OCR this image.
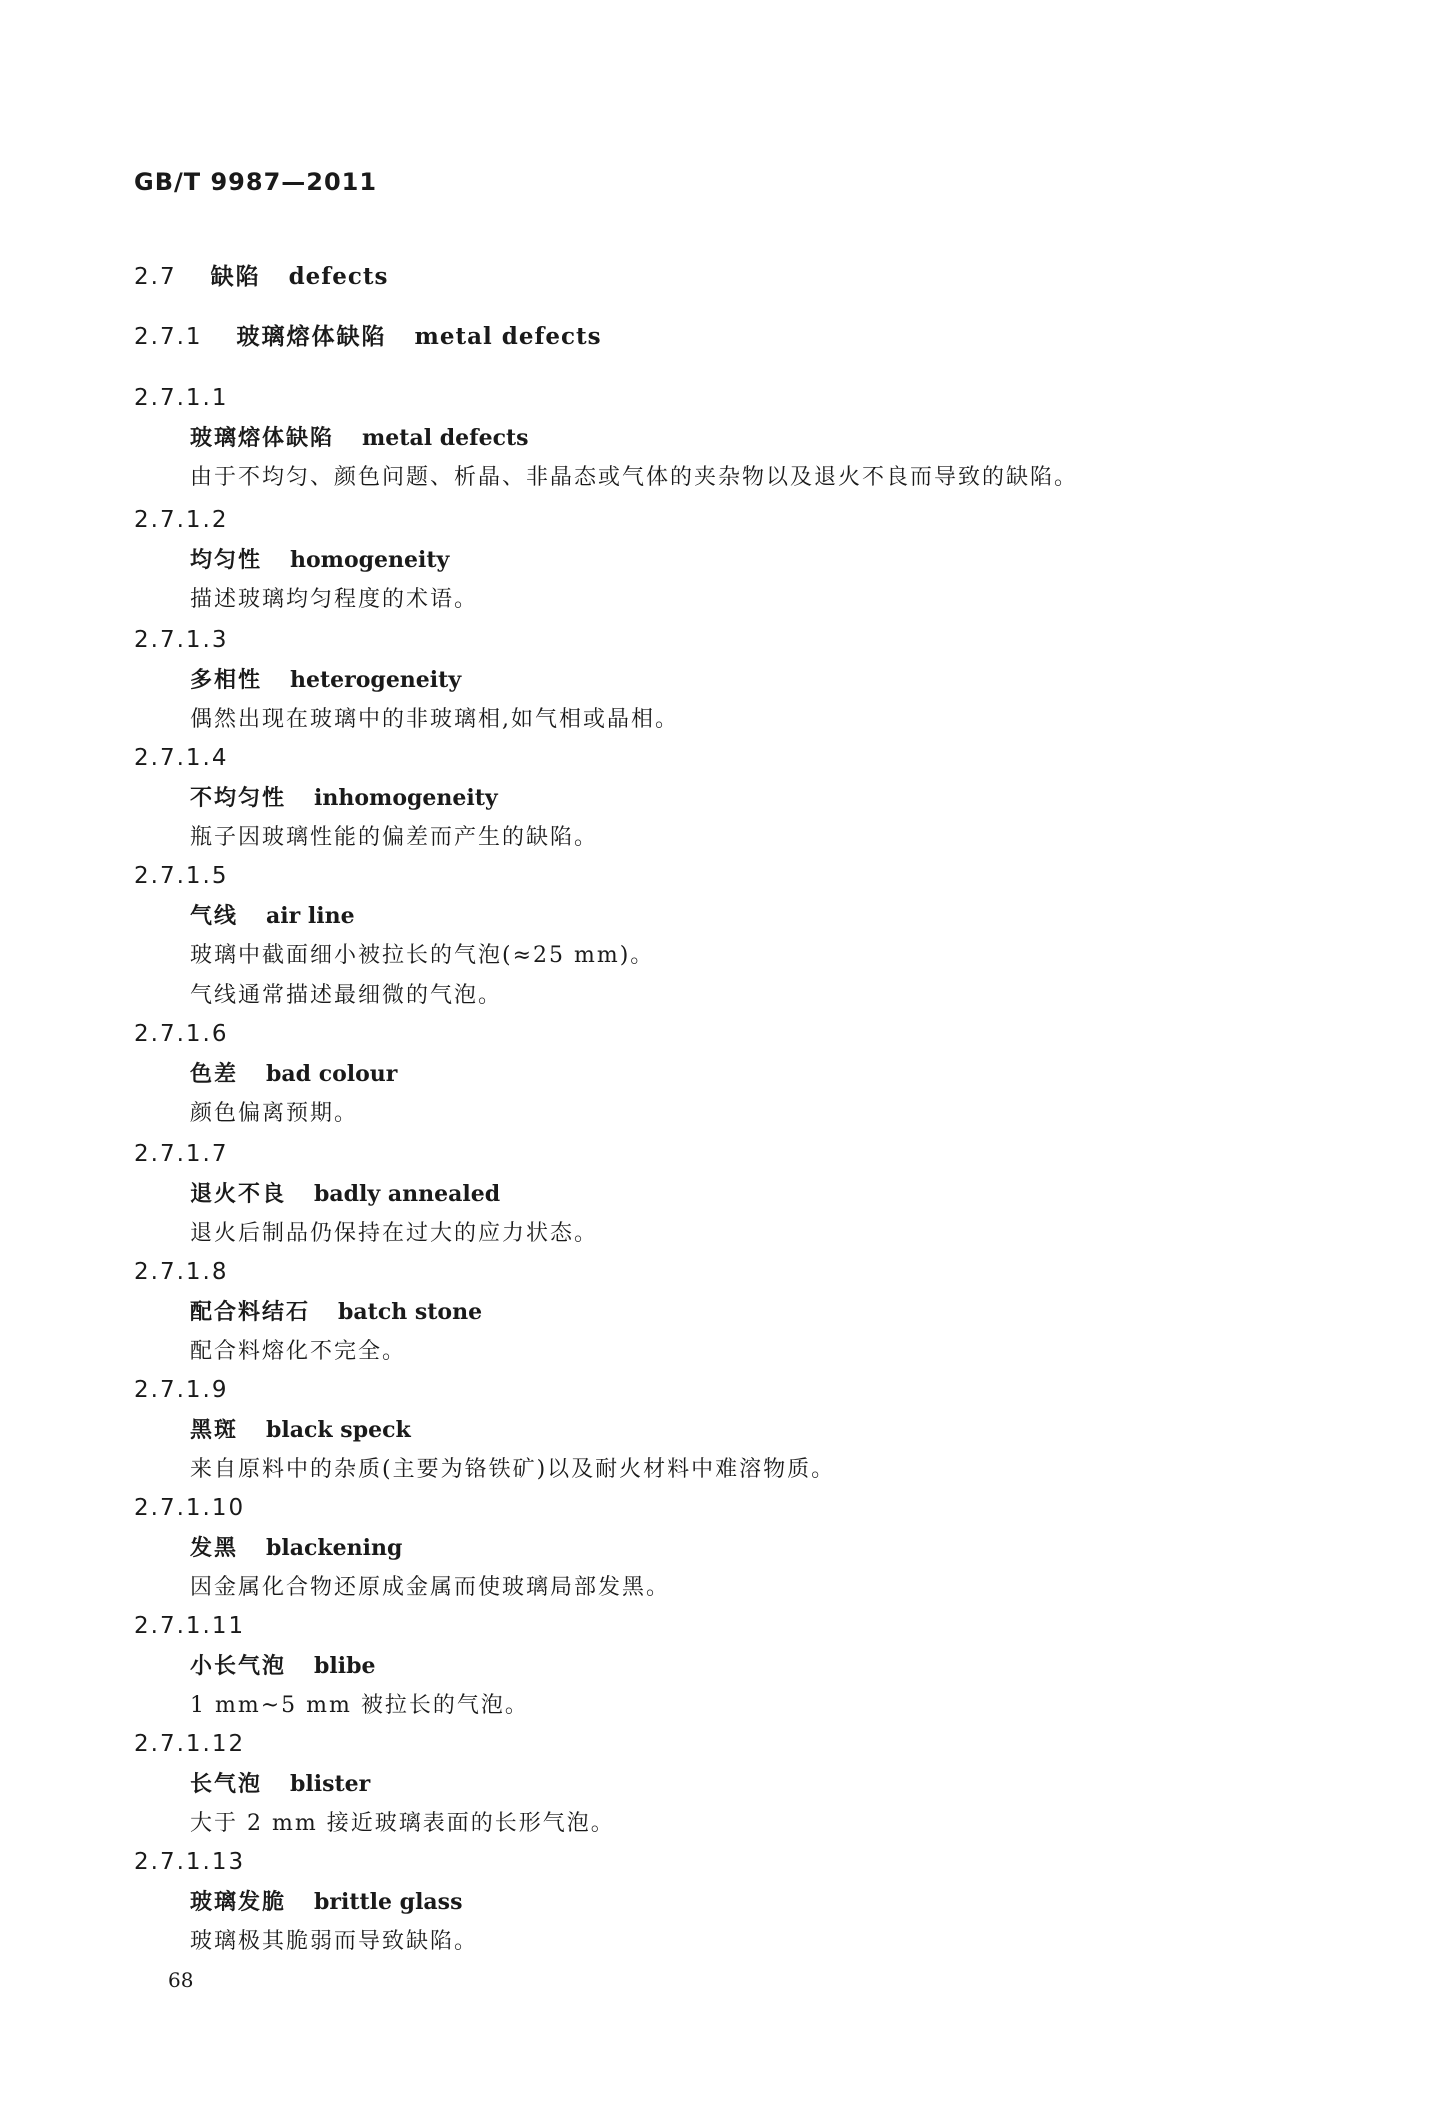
GB/T 9987—2011
2.7 缺陷 defects
2.7.1 玻璃熔体缺陷 metal defects
2.7.1.1
玻璃熔体缺陷 metal defects
由于不均匀、颜色问题、析晶、非晶态或气体的夹杂物以及退火不良而导致的缺陷。
2.7.1.2
均匀性 homogeneity
描述玻璃均匀程度的术语。
2.7.1.3
多相性 heterogeneity
偶然出现在玻璃中的非玻璃相,如气相或晶相。
2.7.1.4
不均匀性 inhomogeneity
瓶子因玻璃性能的偏差而产生的缺陷。
2.7.1.5
气线 air line
玻璃中截面细小被拉长的气泡(≈25 mm)。
气线通常描述最细微的气泡。
2.7.1.6
色差 bad colour
颜色偏离预期。
2.7.1.7
退火不良 badly annealed
退火后制品仍保持在过大的应力状态。
2.7.1.8
配合料结石 batch stone
配合料熔化不完全。
2.7.1.9
黑斑 black speck
来自原料中的杂质(主要为铬铁矿)以及耐火材料中难溶物质。
2.7.1.10
发黑 blackening
因金属化合物还原成金属而使玻璃局部发黑。
2.7.1.11
小长气泡 blibe
1 mm~5 mm 被拉长的气泡。
2.7.1.12
长气泡 blister
大于 2 mm 接近玻璃表面的长形气泡。
2.7.1.13
玻璃发脆 brittle glass
玻璃极其脆弱而导致缺陷。
68
